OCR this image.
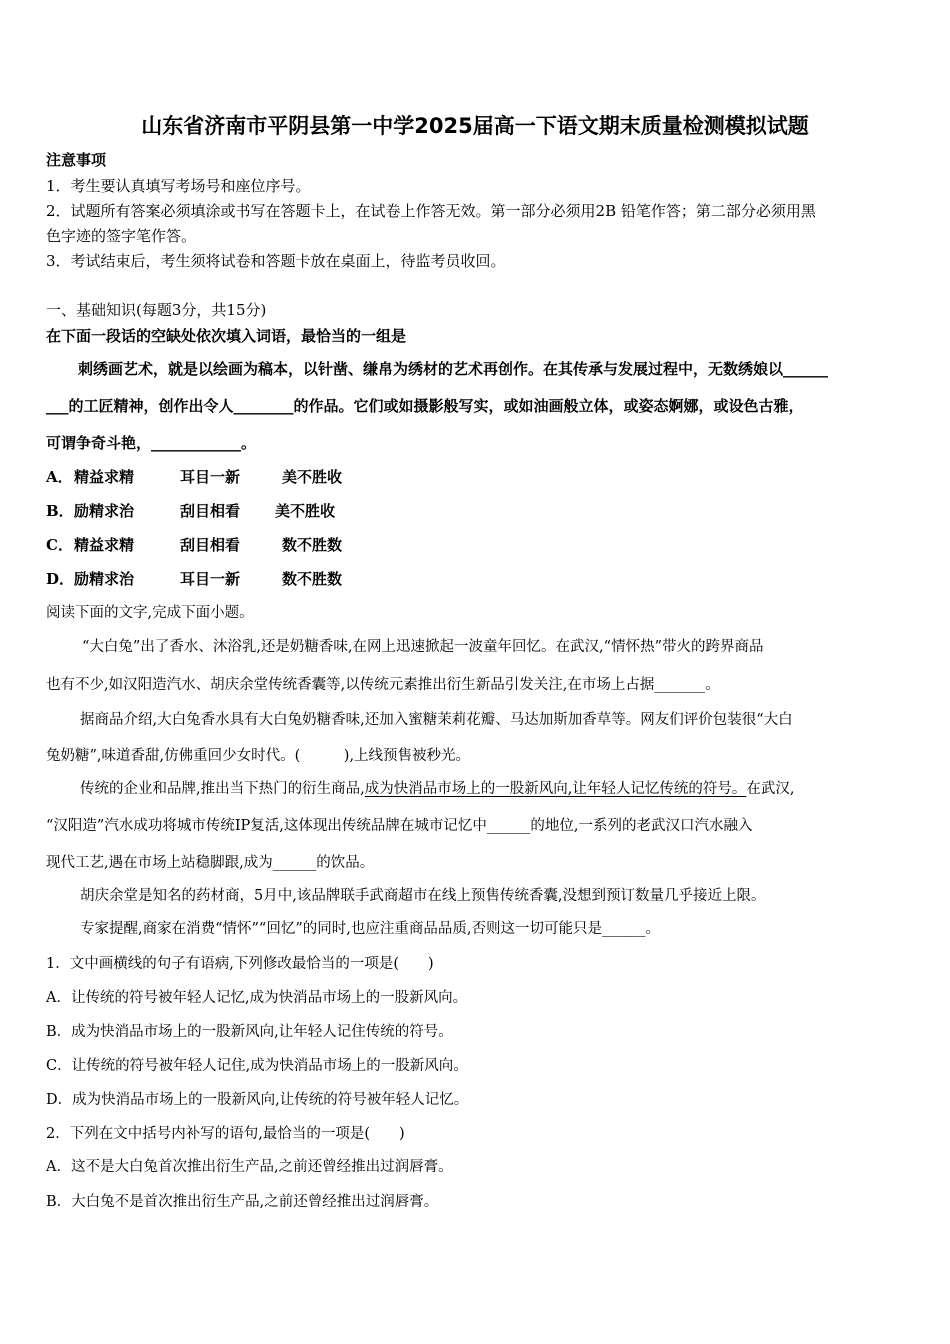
山东省济南市平阴县第一中学2025届高一下语文期末质量检测模拟试题
注意事项
1．考生要认真填写考场号和座位序号。
2．试题所有答案必须填涂或书写在答题卡上，在试卷上作答无效。第一部分必须用2B 铅笔作答；第二部分必须用黑
色字迹的签字笔作答。
3．考试结束后，考生须将试卷和答题卡放在桌面上，待监考员收回。
一、基础知识(每题3分，共15分)
在下面一段话的空缺处依次填入词语，最恰当的一组是
刺绣画艺术，就是以绘画为稿本，以针凿、缣帛为绣材的艺术再创作。在其传承与发展过程中，无数绣娘以______
___的工匠精神，创作出令人________的作品。它们或如摄影般写实，或如油画般立体，或姿态婀娜，或设色古雅，
可谓争奇斗艳，____________。
A．精益求精	耳目一新	美不胜收
B．励精求治	刮目相看 美不胜收
C．精益求精	刮目相看	数不胜数
D．励精求治	耳目一新	数不胜数
阅读下面的文字,完成下面小题。
“大白兔”出了香水、沐浴乳,还是奶糖香味,在网上迅速掀起一波童年回忆。在武汉,“情怀热”带火的跨界商品
也有不少,如汉阳造汽水、胡庆余堂传统香囊等,以传统元素推出衍生新品引发关注,在市场上占据_______。
据商品介绍,大白兔香水具有大白兔奶糖香味,还加入蜜糖茉莉花瓣、马达加斯加香草等。网友们评价包装很“大白
兔奶糖”,味道香甜,仿佛重回少女时代。(　　　),上线预售被秒光。
传统的企业和品牌,推出当下热门的衍生商品,成为快消品市场上的一股新风向,让年轻人记忆传统的符号。在武汉,
“汉阳造”汽水成功将城市传统IP复活,这体现出传统品牌在城市记忆中______的地位,一系列的老武汉口汽水融入
现代工艺,遇在市场上站稳脚跟,成为______的饮品。
胡庆余堂是知名的药材商，5月中,该品牌联手武商超市在线上预售传统香囊,没想到预订数量几乎接近上限。
专家提醒,商家在消费“情怀”“回忆”的同时,也应注重商品品质,否则这一切可能只是______。
1．文中画横线的句子有语病,下列修改最恰当的一项是(　　)
A．让传统的符号被年轻人记忆,成为快消品市场上的一股新风向。
B．成为快消品市场上的一股新风向,让年轻人记住传统的符号。
C．让传统的符号被年轻人记住,成为快消品市场上的一股新风向。
D．成为快消品市场上的一股新风向,让传统的符号被年轻人记忆。
2．下列在文中括号内补写的语句,最恰当的一项是(　　)
A．这不是大白兔首次推出衍生产品,之前还曾经推出过润唇膏。
B．大白兔不是首次推出衍生产品,之前还曾经推出过润唇膏。
